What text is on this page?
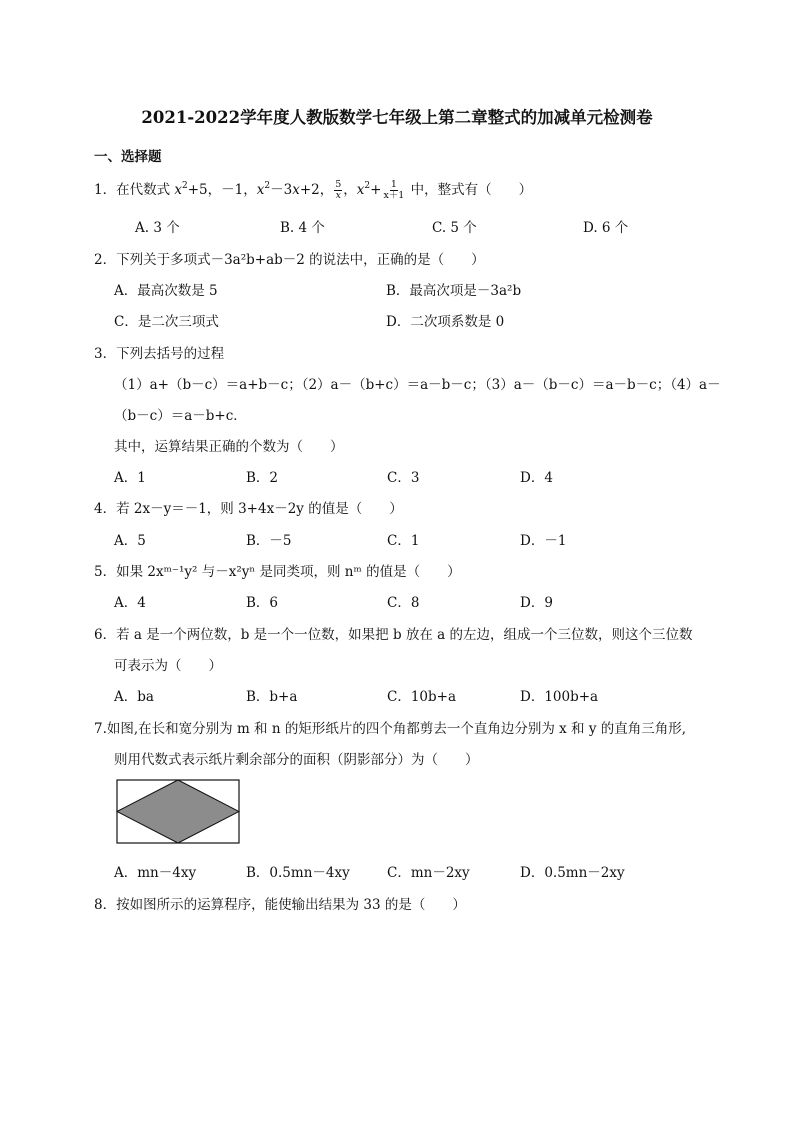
2021-2022学年度人教版数学七年级上第二章整式的加减单元检测卷
一、选择题
1．在代数式 $x^2+5$，－1，$x^2-3x+2$， $\frac{5}{x}$ ，$x^2+ \frac{1}{x+1}$ 中，整式有（　　）
A. 3 个	B. 4 个	C. 5 个	D. 6 个
2．下列关于多项式－3a²b+ab－2 的说法中，正确的是（　　）
A．最高次数是 5	B．最高次项是－3a²b
C．是二次三项式	D．二次项系数是 0
3．下列去括号的过程
（1）a+（b－c）＝a+b－c；（2）a－（b+c）＝a－b－c；（3）a－（b－c）＝a－b－c；（4）a－
（b－c）＝a－b+c．
其中，运算结果正确的个数为（　　）
A．1	B．2	C．3	D．4
4．若 2x－y＝－1，则 3+4x－2y 的值是（　　）
A．5	B．－5	C．1	D．－1
5．如果 2xᵐ⁻¹y² 与－x²yⁿ 是同类项，则 nᵐ 的值是（　　）
A．4	B．6	C．8	D．9
6．若 a 是一个两位数，b 是一个一位数，如果把 b 放在 a 的左边，组成一个三位数，则这个三位数
可表示为（　　）
A．ba	B．b+a	C．10b+a	D．100b+a
7.如图,在长和宽分别为 m 和 n 的矩形纸片的四个角都剪去一个直角边分别为 x 和 y 的直角三角形,
则用代数式表示纸片剩余部分的面积（阴影部分）为（　　）
A．mn－4xy	B．0.5mn－4xy	C．mn－2xy	D．0.5mn－2xy
8．按如图所示的运算程序，能使输出结果为 33 的是（　　）
